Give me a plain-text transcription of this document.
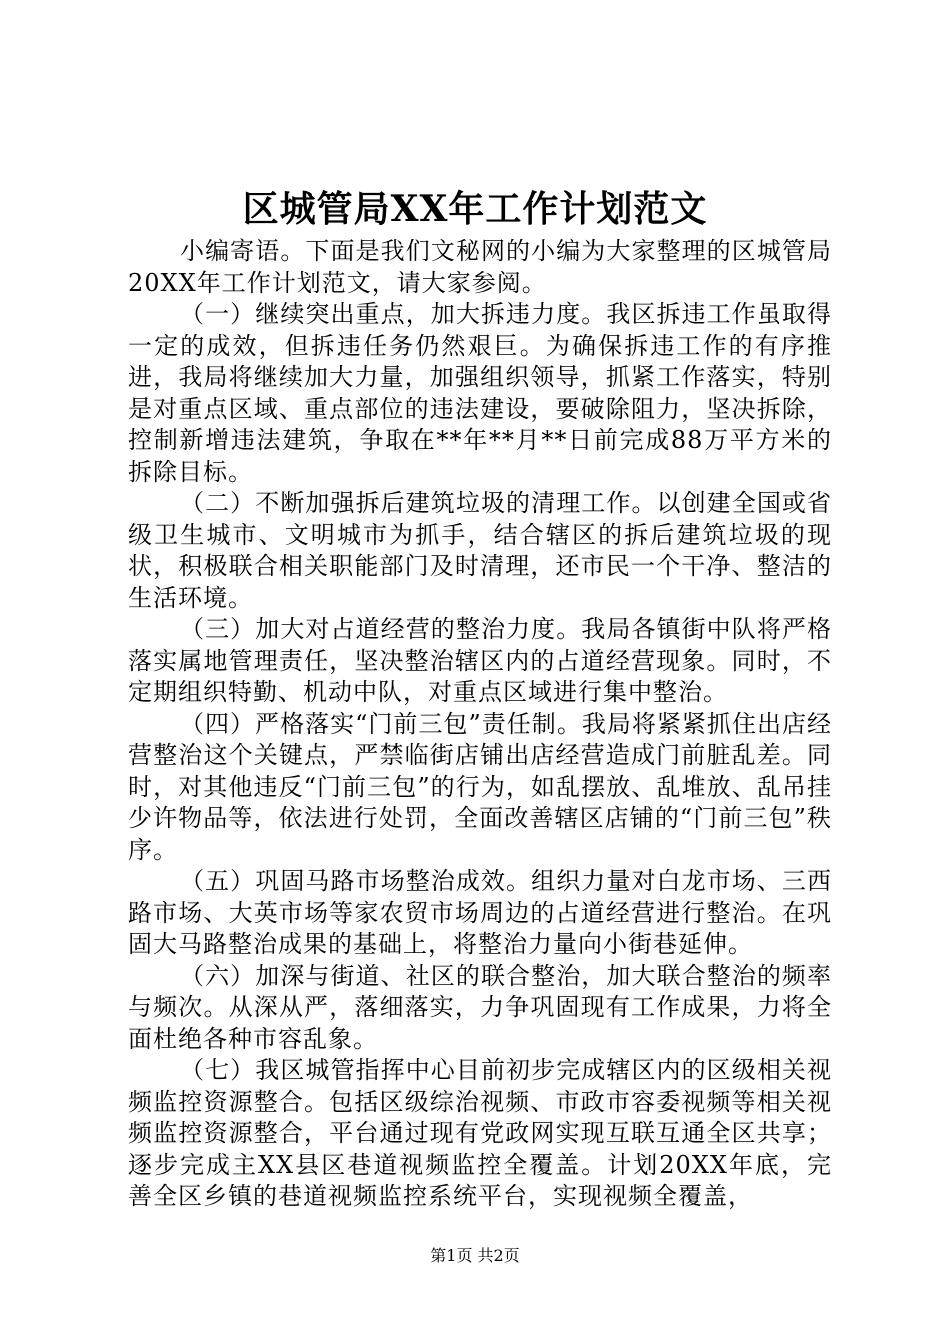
区城管局XX年工作计划范文

小编寄语。下面是我们文秘网的小编为大家整理的区城管局20XX年工作计划范文，请大家参阅。

（一）继续突出重点，加大拆违力度。我区拆违工作虽取得一定的成效，但拆违任务仍然艰巨。为确保拆违工作的有序推进，我局将继续加大力量，加强组织领导，抓紧工作落实，特别是对重点区域、重点部位的违法建设，要破除阻力，坚决拆除，控制新增违法建筑，争取在**年**月**日前完成88万平方米的拆除目标。

（二）不断加强拆后建筑垃圾的清理工作。以创建全国或省级卫生城市、文明城市为抓手，结合辖区的拆后建筑垃圾的现状，积极联合相关职能部门及时清理，还市民一个干净、整洁的生活环境。

（三）加大对占道经营的整治力度。我局各镇街中队将严格落实属地管理责任，坚决整治辖区内的占道经营现象。同时，不定期组织特勤、机动中队，对重点区域进行集中整治。

（四）严格落实“门前三包”责任制。我局将紧紧抓住出店经营整治这个关键点，严禁临街店铺出店经营造成门前脏乱差。同时，对其他违反“门前三包”的行为，如乱摆放、乱堆放、乱吊挂少许物品等，依法进行处罚，全面改善辖区店铺的“门前三包”秩序。

（五）巩固马路市场整治成效。组织力量对白龙市场、三西路市场、大英市场等家农贸市场周边的占道经营进行整治。在巩固大马路整治成果的基础上，将整治力量向小街巷延伸。

（六）加深与街道、社区的联合整治，加大联合整治的频率与频次。从深从严，落细落实，力争巩固现有工作成果，力将全面杜绝各种市容乱象。

（七）我区城管指挥中心目前初步完成辖区内的区级相关视频监控资源整合。包括区级综治视频、市政市容委视频等相关视频监控资源整合，平台通过现有党政网实现互联互通全区共享；逐步完成主XX县区巷道视频监控全覆盖。计划20XX年底，完善全区乡镇的巷道视频监控系统平台，实现视频全覆盖，

第1页 共2页
